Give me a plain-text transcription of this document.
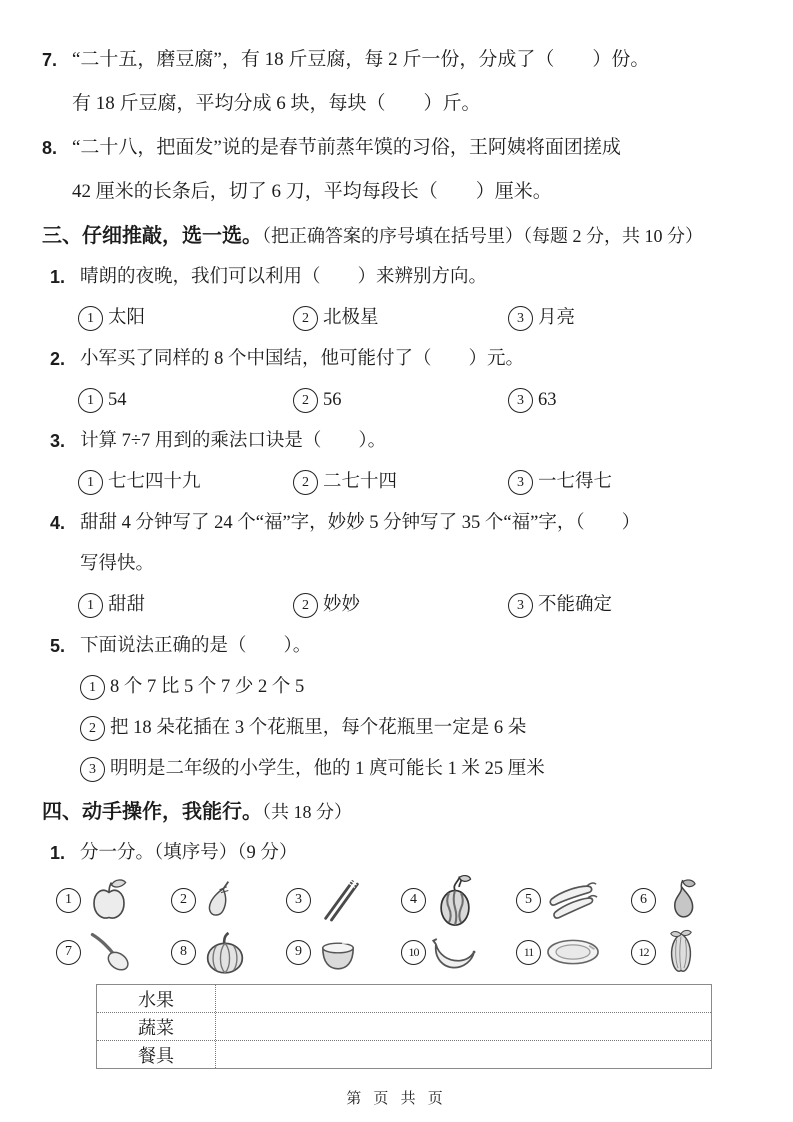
7. “二十五，磨豆腐”，有 18 斤豆腐，每 2 斤一份，分成了（　　）份。
有 18 斤豆腐，平均分成 6 块，每块（　　）斤。
8. “二十八，把面发”说的是春节前蒸年馍的习俗，王阿姨将面团搓成
42 厘米的长条后，切了 6 刀，平均每段长（　　）厘米。
三、仔细推敲，选一选。（把正确答案的序号填在括号里）（每题 2 分，共 10 分）
1. 晴朗的夜晚，我们可以利用（　　）来辨别方向。
1 太阳	2 北极星	3 月亮
2. 小军买了同样的 8 个中国结，他可能付了（　　）元。
1 54	2 56	3 63
3. 计算 7÷7 用到的乘法口诀是（　　）。
1 七七四十九	2 二七十四	3 一七得七
4. 甜甜 4 分钟写了 24 个“福”字，妙妙 5 分钟写了 35 个“福”字，（　　）
写得快。
1 甜甜	2 妙妙	3 不能确定
5. 下面说法正确的是（　　）。
1 8 个 7 比 5 个 7 少 2 个 5
2 把 18 朵花插在 3 个花瓶里，每个花瓶里一定是 6 朵
3 明明是二年级的小学生，他的 1 庹可能长 1 米 25 厘米
四、动手操作，我能行。（共 18 分）
1. 分一分。（填序号）（9 分）
1	2	3	4	5	6
7	8	9	10	11	12
水果
蔬菜
餐具
第 页 共 页
